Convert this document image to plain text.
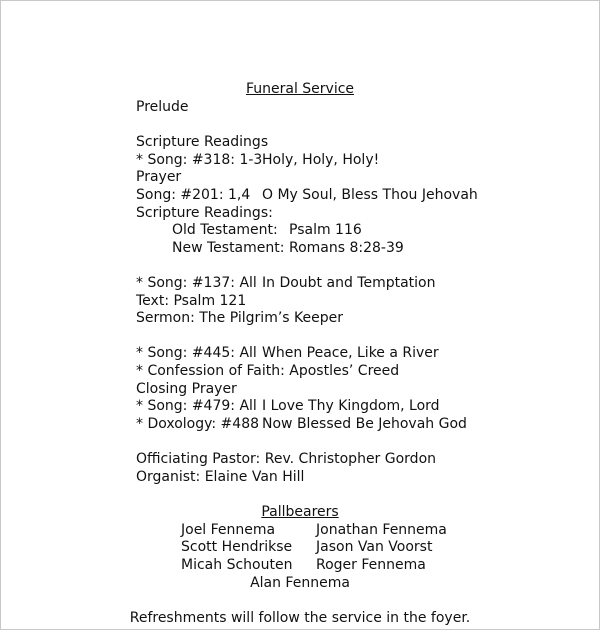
Funeral Service
Prelude
Scripture Readings
* Song: #318: 1-3 Holy, Holy, Holy!
Prayer
Song: #201: 1,4 O My Soul, Bless Thou Jehovah
Scripture Readings:
Old Testament: Psalm 116
New Testament: Romans 8:28-39
* Song: #137: All In Doubt and Temptation
Text: Psalm 121
Sermon: The Pilgrim’s Keeper
* Song: #445: All When Peace, Like a River
* Confession of Faith: Apostles’ Creed
Closing Prayer
* Song: #479: All I Love Thy Kingdom, Lord
* Doxology: #488 Now Blessed Be Jehovah God
Officiating Pastor: Rev. Christopher Gordon
Organist: Elaine Van Hill
Pallbearers
Joel Fennema	Jonathan Fennema
Scott Hendrikse Jason Van Voorst
Micah Schouten Roger Fennema
Alan Fennema
Refreshments will follow the service in the foyer.
